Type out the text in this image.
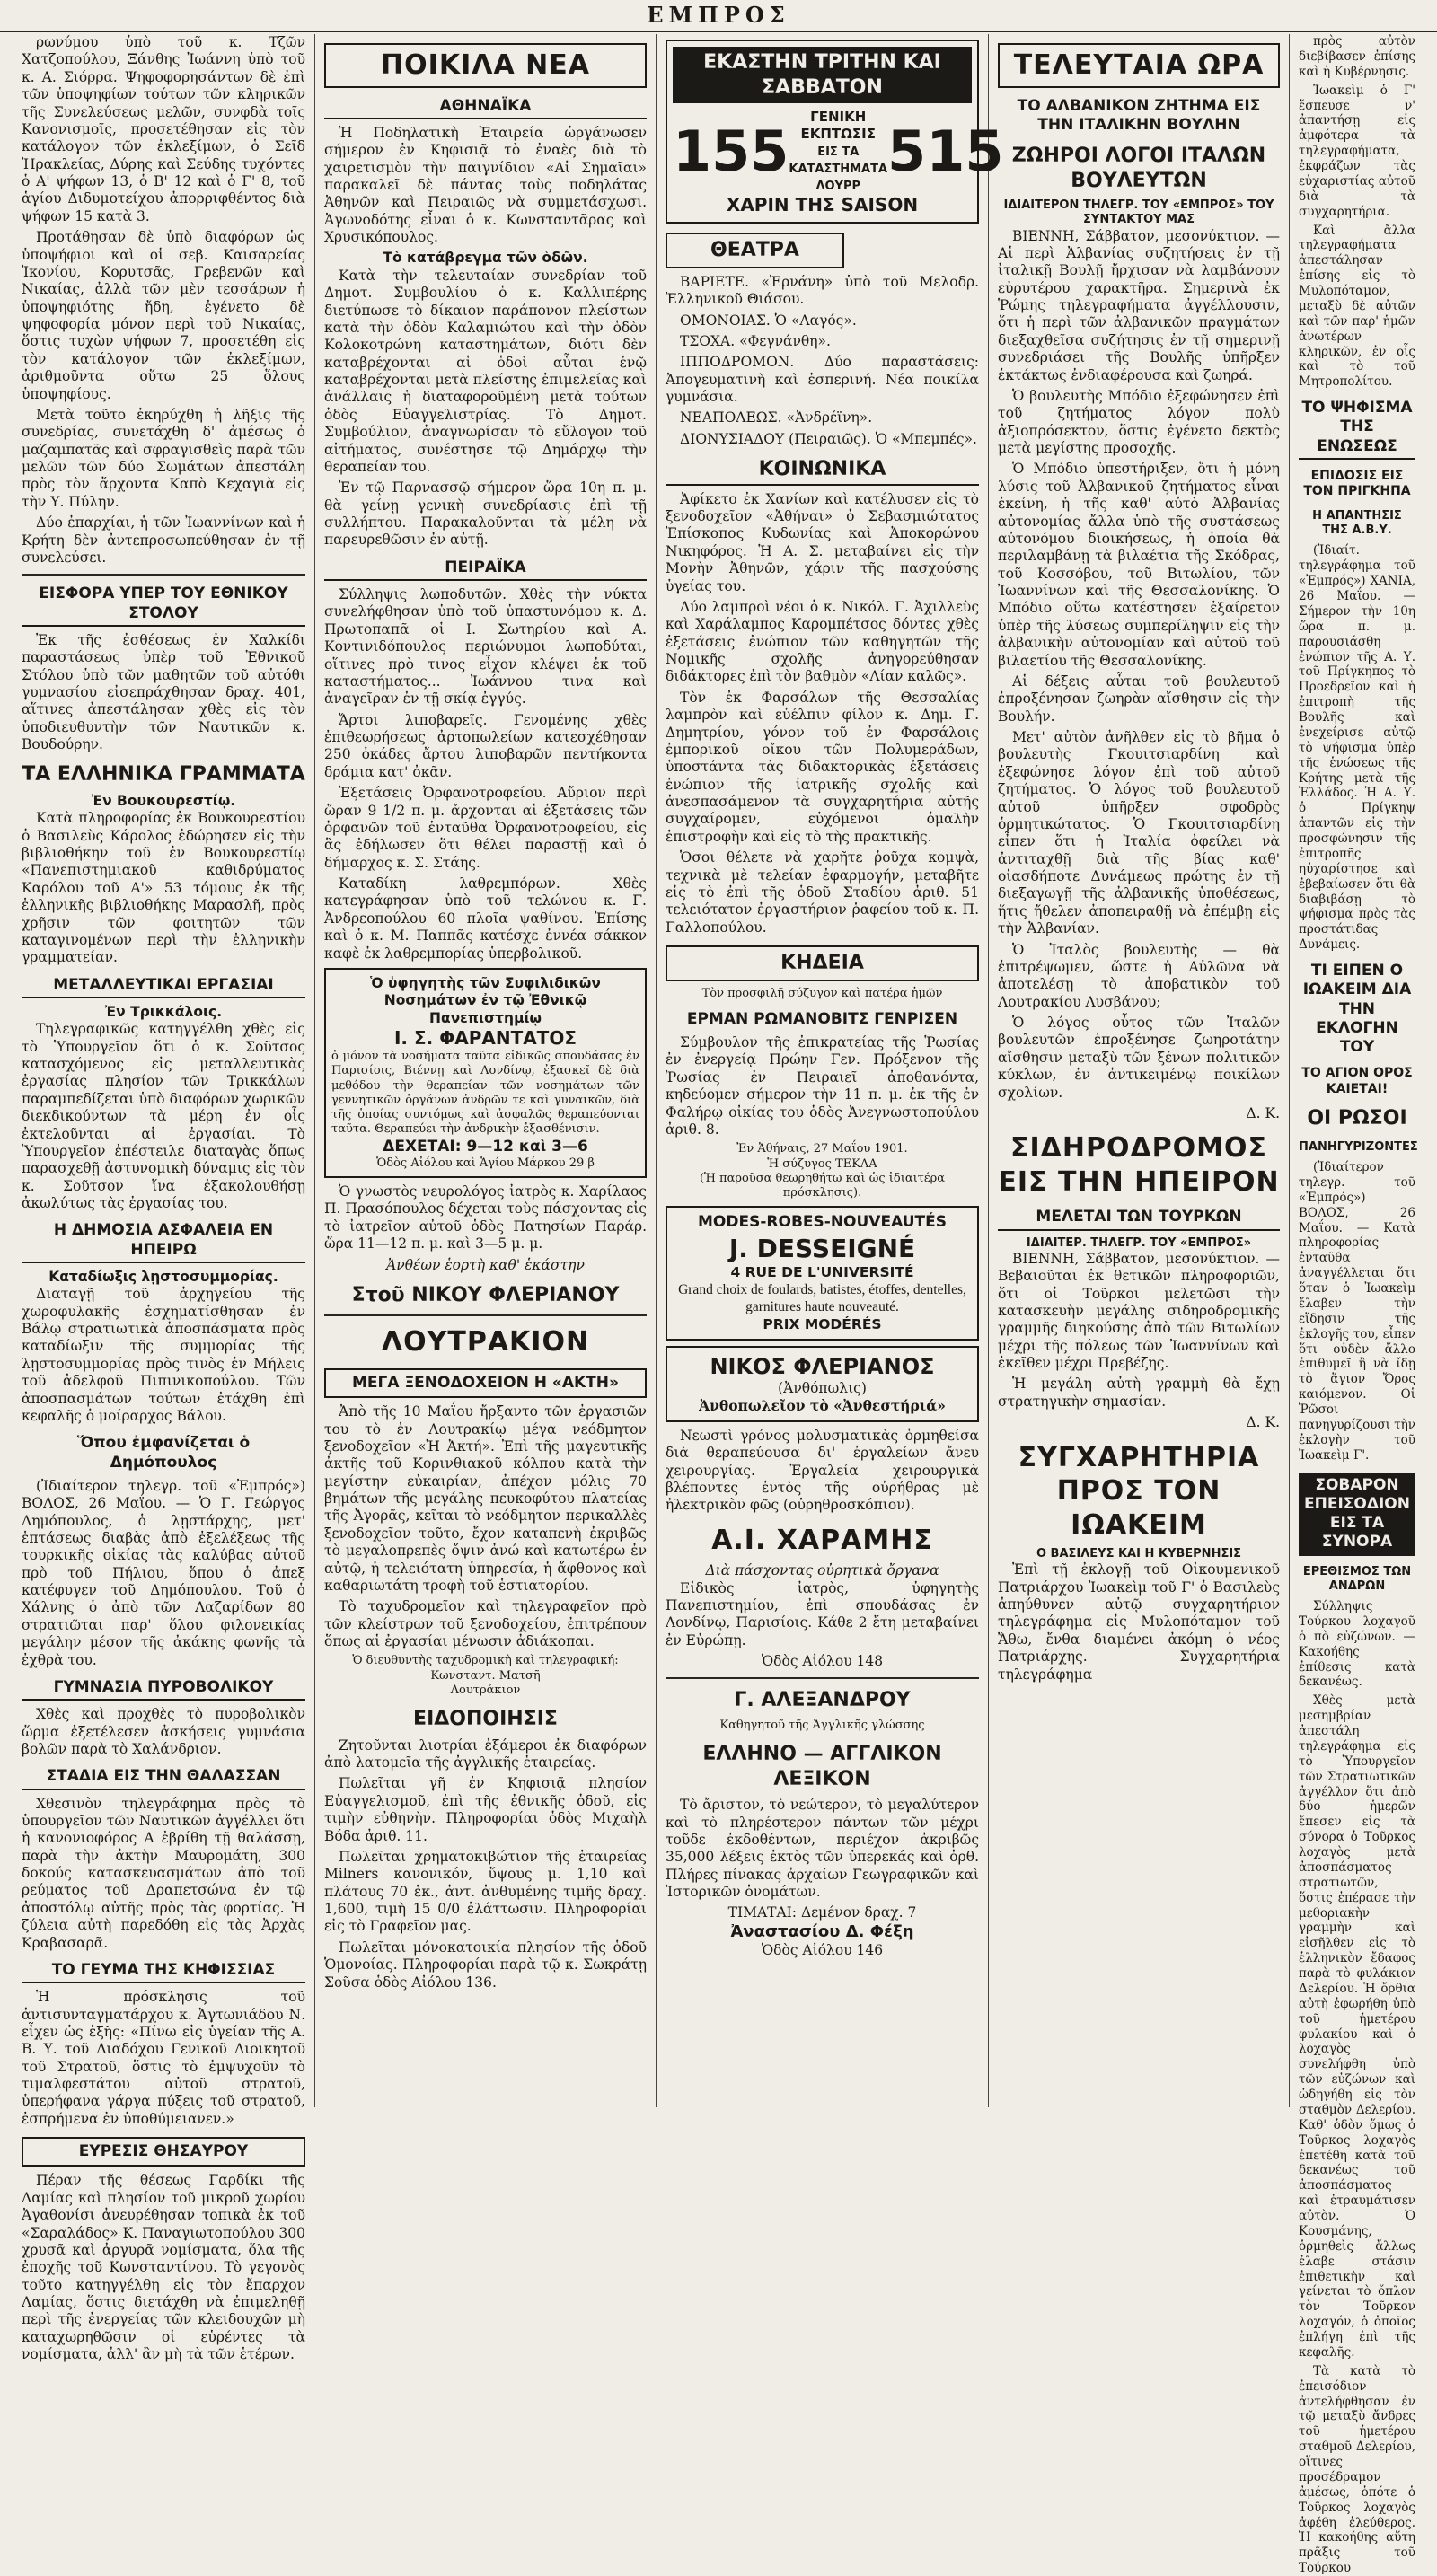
ΕΜΠΡΟΣ

ρωνύμου ὑπὸ τοῦ κ. Τζῶν Χατζοπούλου, Ξάνθης Ἰωάννη ὑπὸ τοῦ κ. Α. Σιόρρα. Ψηφοφορησάντων δὲ ἐπὶ τῶν ὑποψηφίων τούτων τῶν κληρικῶν τῆς Συνελεύσεως μελῶν, συνφδὰ τοῖς Κανονισμοῖς, προσετέθησαν εἰς τὸν κατάλογον τῶν ἐκλεξίμων, ὁ Σεῖδ Ἠρακλείας, Δύρης καὶ Σεύδης τυχόντες ὁ Α' ψήφων 13, ὁ Β' 12 καὶ ὁ Γ' 8, τοῦ ἁγίου Διδυμοτείχου ἀπορριφθέντος διὰ ψήφων 15 κατὰ 3.

Προτάθησαν δὲ ὑπὸ διαφόρων ὡς ὑποψήφιοι καὶ οἱ σεβ. Καισαρείας Ἰκονίου, Κορυτσᾶς, Γρεβενῶν καὶ Νικαίας, ἀλλὰ τῶν μὲν τεσσάρων ἡ ὑποψηφιότης ἤδη, ἐγένετο δὲ ψηφοφορία μόνον περὶ τοῦ Νικαίας, ὅστις τυχὼν ψήφων 7, προσετέθη εἰς τὸν κατάλογον τῶν ἐκλεξίμων, ἀριθμοῦντα οὕτω 25 ὅλους ὑποψηφίους.

Μετὰ τοῦτο ἐκηρύχθη ἡ λῆξις τῆς συνεδρίας, συνετάχθη δ' ἀμέσως ὁ μαζαμπατᾶς καὶ σφραγισθεὶς παρὰ τῶν μελῶν τῶν δύο Σωμάτων ἀπεστάλη πρὸς τὸν ἄρχοντα Καπὸ Κεχαγιὰ εἰς τὴν Υ. Πύλην.

Δύο ἐπαρχίαι, ἡ τῶν Ἰωαννίνων καὶ ἡ Κρήτη δὲν ἀντεπροσωπεύθησαν ἐν τῇ συνελεύσει.

ΕΙΣΦΟΡΑ ΥΠΕΡ ΤΟΥ ΕΘΝΙΚΟΥ ΣΤΟΛΟΥ

Ἐκ τῆς ἐσθέσεως ἐν Χαλκίδι παραστάσεως ὑπὲρ τοῦ Ἐθνικοῦ Στόλου ὑπὸ τῶν μαθητῶν τοῦ αὐτόθι γυμνασίου εἰσεπράχθησαν δραχ. 401, αἵτινες ἀπεστάλησαν χθὲς εἰς τὸν ὑποδιευθυντὴν τῶν Ναυτικῶν κ. Βουδούρην.

ΤΑ ΕΛΛΗΝΙΚΑ ΓΡΑΜΜΑΤΑ
Ἐν Βουκουρεστίῳ.

Κατὰ πληροφορίας ἐκ Βουκουρεστίου ὁ Βασιλεὺς Κάρολος ἐδώρησεν εἰς τὴν βιβλιοθήκην τοῦ ἐν Βουκουρεστίῳ «Πανεπιστημιακοῦ καθιδρύματος Καρόλου τοῦ Α'» 53 τόμους ἐκ τῆς ἑλληνικῆς βιβλιοθήκης Μαρασλῆ, πρὸς χρῆσιν τῶν φοιτητῶν τῶν καταγινομένων περὶ τὴν ἑλληνικὴν γραμματείαν.

ΜΕΤΑΛΛΕΥΤΙΚΑΙ ΕΡΓΑΣΙΑΙ
Ἐν Τρικκάλοις.

Τηλεγραφικῶς κατηγγέλθη χθὲς εἰς τὸ Ὑπουργεῖον ὅτι ὁ κ. Σοῦτσος κατασχόμενος εἰς μεταλλευτικὰς ἐργασίας πλησίον τῶν Τρικκάλων παραμπεδίζεται ὑπὸ διαφόρων χωρικῶν διεκδικούντων τὰ μέρη ἐν οἷς ἐκτελοῦνται αἱ ἐργασίαι. Τὸ Ὑπουργεῖον ἐπέστειλε διαταγὰς ὅπως παρασχεθῇ ἀστυνομικὴ δύναμις εἰς τὸν κ. Σοῦτσον ἵνα ἐξακολουθήσῃ ἀκωλύτως τὰς ἐργασίας του.

Η ΔΗΜΟΣΙΑ ΑΣΦΑΛΕΙΑ ΕΝ ΗΠΕΙΡΩ
Καταδίωξις λῃστοσυμμορίας.

Διαταγῇ τοῦ ἀρχηγείου τῆς χωροφυλακῆς ἐσχηματίσθησαν ἐν Βάλῳ στρατιωτικὰ ἀποσπάσματα πρὸς καταδίωξιν τῆς συμμορίας τῆς λῃστοσυμμορίας πρὸς τινὸς ἐν Μήλεις τοῦ ἀδελφοῦ Πιπινικοπούλου. Τῶν ἀποσπασμάτων τούτων ἐτάχθη ἐπὶ κεφαλῆς ὁ μοίραρχος Βάλου.

Ὅπου ἐμφανίζεται ὁ Δημόπουλος

(Ἰδιαίτερον τηλεγρ. τοῦ «Ἐμπρός») ΒΟΛΟΣ, 26 Μαΐου. — Ὁ Γ. Γεώργος Δημόπουλος, ὁ λῃστάρχης, μετ' ἑπτάσεως διαβὰς ἀπὸ ἐξελέξεως τῆς τουρκικῆς οἰκίας τὰς καλύβας αὐτοῦ πρὸ τοῦ Πήλιου, ὅπου ὁ ἀπεξ κατέφυγεν τοῦ Δημόπουλου. Τοῦ ὁ Χάλνης ὁ ἀπὸ τῶν Λαζαρίδων 80 στρατιῶται παρ' ὅλου φιλονεικίας μεγάλην μέσον τῆς ἀκάκης φωνῆς τὰ ἐχθρὰ του.

ΓΥΜΝΑΣΙΑ ΠΥΡΟΒΟΛΙΚΟΥ

Χθὲς καὶ προχθὲς τὸ πυροβολικὸν ὥρμα ἐξετέλεσεν ἀσκήσεις γυμνάσια βολῶν παρὰ τὸ Χαλάνδριον.

ΣΤΑΔΙΑ ΕΙΣ ΤΗΝ ΘΑΛΑΣΣΑΝ

Χθεσινὸν τηλεγράφημα πρὸς τὸ ὑπουργεῖον τῶν Ναυτικῶν ἀγγέλλει ὅτι ἡ κανονιοφόρος Α ἐβρίθη τῇ θαλάσσῃ, παρὰ τὴν ἀκτὴν Μαυρομάτη, 300 δοκούς κατασκευασμάτων ἀπὸ τοῦ ρεύματος τοῦ Δραπετσώνα ἐν τῷ ἀποστόλῳ αὐτῆς πρὸς τὰς φορτίας. Ἡ ζύλεια αὐτὴ παρεδόθη εἰς τὰς Ἀρχὰς Κραβασαρᾶ.

ΤΟ ΓΕΥΜΑ ΤΗΣ ΚΗΦΙΣΣΙΑΣ

Ἡ πρόσκλησις τοῦ ἀντισυνταγματάρχου κ. Ἀγτωνιάδου Ν. εἶχεν ὡς ἑξῆς: «Πίνω εἰς ὑγείαν τῆς Α. Β. Υ. τοῦ Διαδόχου Γενικοῦ Διοικητοῦ τοῦ Στρατοῦ, ὅστις τὸ ἐμψυχοῦν τὸ τιμαλφεστάτου αὐτοῦ στρατοῦ, ὑπερήφανα γάργα πύξεις τοῦ στρατοῦ, ἐσπρήμενα ἐν ὑποθύμειανεν.»

ΕΥΡΕΣΙΣ ΘΗΣΑΥΡΟΥ

Πέραν τῆς θέσεως Γαρδίκι τῆς Λαμίας καὶ πλησίον τοῦ μικροῦ χωρίου Ἀγαθονίσι ἀνευρέθησαν τοπικὰ ἐκ τοῦ «Σαραλάδος» Κ. Παναγιωτοπούλου 300 χρυσᾶ καὶ ἀργυρᾶ νομίσματα, ὅλα τῆς ἐποχῆς τοῦ Κωνσταντίνου. Τὸ γεγονὸς τοῦτο κατηγγέλθη εἰς τὸν ἔπαρχον Λαμίας, ὅστις διετάχθη νὰ ἐπιμεληθῇ περὶ τῆς ἐνεργείας τῶν κλειδουχῶν μὴ καταχωρηθῶσιν οἱ εὑρέντες τὰ νομίσματα, ἀλλ' ἂν μὴ τὰ τῶν ἑτέρων.

ΠΟΙΚΙΛΑ ΝΕΑ
ΑΘΗΝΑΪΚΑ

Ἡ Ποδηλατικὴ Ἑταιρεία ὡργάνωσεν σήμερον ἐν Κηφισιᾷ τὸ ἐναὲς διὰ τὸ χαιρετισμὸν τὴν παιγνίδιον «Αἱ Σημαῖαι» παρακαλεῖ δὲ πάντας τοὺς ποδηλάτας Ἀθηνῶν καὶ Πειραιῶς νὰ συμμετάσχωσι. Ἀγωνοδότης εἶναι ὁ κ. Κωνσταντᾶρας καὶ Χρυσικόπουλος.

Τὸ κατάβρεγμα τῶν ὁδῶν.

Κατὰ τὴν τελευταίαν συνεδρίαν τοῦ Δημοτ. Συμβουλίου ὁ κ. Καλλιπέρης διετύπωσε τὸ δίκαιον παράπονον πλείστων κατὰ τὴν ὁδὸν Καλαμιώτου καὶ τὴν ὁδὸν Κολοκοτρώνη καταστημάτων, διότι δὲν καταβρέχονται αἱ ὁδοὶ αὗται ἐνῷ καταβρέχονται μετὰ πλείστης ἐπιμελείας καὶ ἀνάλλαις ἡ διαταφοροῦμένη μετὰ τούτων ὁδὸς Εὐαγγελιστρίας. Τὸ Δημοτ. Συμβούλιον, ἀναγνωρίσαν τὸ εὔλογον τοῦ αἰτήματος, συνέστησε τῷ Δημάρχῳ τὴν θεραπείαν του.

Ἐν τῷ Παρνασσῷ σήμερον ὥρα 10η π. μ. θὰ γείνῃ γενικὴ συνεδρίασις ἐπὶ τῇ συλλήπτου. Παρακαλοῦνται τὰ μέλη νὰ παρευρεθῶσιν ἐν αὐτῇ.

ΠΕΙΡΑΪΚΑ

Σύλληψις λωποδυτῶν. Χθὲς τὴν νύκτα συνελήφθησαν ὑπὸ τοῦ ὑπαστυνόμου κ. Δ. Πρωτοπαπᾶ οἱ Ι. Σωτηρίου καὶ Α. Κοντινιδόπουλος περιώνυμοι λωποδύται, οἵτινες πρὸ τινος εἶχον κλέψει ἐκ τοῦ καταστήματος... Ἰωάννου τινα καὶ ἀναγεῖραν ἐν τῇ σκίᾳ ἐγγύς.

Ἄρτοι λιποβαρεῖς. Γενομένης χθὲς ἐπιθεωρήσεως ἀρτοπωλείων κατεσχέθησαν 250 ὀκάδες ἄρτου λιποβαρῶν πεντήκοντα δράμια κατ' ὀκᾶν.

Ἐξετάσεις Ὀρφανοτροφείου. Αὔριον περὶ ὥραν 9 1/2 π. μ. ἄρχονται αἱ ἐξετάσεις τῶν ὀρφανῶν τοῦ ἐνταῦθα Ὀρφανοτροφείου, εἰς ἃς ἐδήλωσεν ὅτι θέλει παραστῇ καὶ ὁ δήμαρχος κ. Σ. Στάης.

Καταδίκη λαθρεμπόρων. Χθὲς κατεγράφησαν ὑπὸ τοῦ τελώνου κ. Γ. Ἀνδρεοπούλου 60 πλοῖα ψαθίνου. Ἐπίσης καὶ ὁ κ. Μ. Παππᾶς κατέσχε ἐννέα σάκκον καφὲ ἐκ λαθρεμπορίας ὑπερβολικοῦ.

Ὁ ὑφηγητὴς τῶν Συφιλιδικῶν Νοσημάτων ἐν τῷ Ἐθνικῷ Πανεπιστημίῳ
Ι. Σ. ΦΑΡΑΝΤΑΤΟΣ
ὁ μόνον τὰ νοσήματα ταῦτα εἰδικῶς σπουδάσας ἐν Παρισίοις, Βιέννῃ καὶ Λονδίνῳ, ἐξασκεῖ δὲ διὰ μεθόδου τὴν θεραπείαν τῶν νοσημάτων τῶν γεννητικῶν ὀργάνων ἀνδρῶν τε καὶ γυναικῶν, διὰ τῆς ὁποίας συντόμως καὶ ἀσφαλῶς θεραπεύονται ταῦτα. Θεραπεύει τὴν ἀνδρικὴν ἐξασθένισιν.
ΔΕΧΕΤΑΙ: 9—12 καὶ 3—6
Ὁδὸς Αἰόλου καὶ Ἁγίου Μάρκου 29 β

Ὁ γνωστὸς νευρολόγος ἰατρὸς κ. Χαρίλαος Π. Πρασόπουλος δέχεται τοὺς πάσχοντας εἰς τὸ ἰατρεῖον αὐτοῦ ὁδὸς Πατησίων Παράρ. ὥρα 11—12 π. μ. καὶ 3—5 μ. μ.

Ἀνθέων ἑορτὴ καθ' ἑκάστην
Στοῦ ΝΙΚΟΥ ΦΛΕΡΙΑΝΟΥ
ΛΟΥΤΡΑΚΙΟΝ
ΜΕΓΑ ΞΕΝΟΔΟΧΕΙΟΝ Η «ΑΚΤΗ»

Ἀπὸ τῆς 10 Μαΐου ἤρξαντο τῶν ἐργασιῶν του τὸ ἐν Λουτρακίῳ μέγα νεόδμητον ξενοδοχεῖον «Ἡ Ἀκτή». Ἐπὶ τῆς μαγευτικῆς ἀκτῆς τοῦ Κορινθιακοῦ κόλπου κατὰ τὴν μεγίστην εὐκαιρίαν, ἀπέχον μόλις 70 βημάτων τῆς μεγάλης πευκοφύτου πλατείας τῆς Ἀγορᾶς, κεῖται τὸ νεόδμητον περικαλλὲς ξενοδοχεῖον τοῦτο, ἔχον καταπενὴ ἐκριβῶς τὸ μεγαλοπρεπὲς ὄψιν ἀνώ καὶ κατωτέρω ἐν αὐτῷ, ἡ τελειότατη ὑπηρεσία, ἡ ἄφθονος καὶ καθαριωτάτη τροφὴ τοῦ ἑστιατορίου.

Τὸ ταχυδρομεῖον καὶ τηλεγραφεῖον πρὸ τῶν κλείστρων τοῦ ξενοδοχείου, ἐπιτρέπουν ὅπως αἱ ἐργασίαι μένωσιν ἀδιάκοπαι.

Ὁ διευθυντὴς ταχυδρομικὴ καὶ τηλεγραφική: Κωνσταντ. Ματσῆ
Λουτράκιον
ΕΙΔΟΠΟΙΗΣΙΣ

Ζητοῦνται λιοτρίαι ἐξάμεροι ἐκ διαφόρων ἀπὸ λατομεῖα τῆς ἀγγλικῆς ἑταιρείας.

Πωλεῖται γῆ ἐν Κηφισιᾷ πλησίον Εὐαγγελισμοῦ, ἐπὶ τῆς ἐθνικῆς ὁδοῦ, εἰς τιμὴν εὐθηνὴν. Πληροφορίαι ὁδὸς Μιχαὴλ Βόδα ἀριθ. 11.

Πωλεῖται χρηματοκιβώτιον τῆς ἑταιρείας Milners κανονικόν, ὕψους μ. 1,10 καὶ πλάτους 70 ἑκ., ἀντ. ἀνθυμένης τιμῆς δραχ. 1,600, τιμὴ 15 0/0 ἐλάττωσιν. Πληροφορίαι εἰς τὸ Γραφεῖον μας.

Πωλεῖται μόνοκατοικία πλησίον τῆς ὁδοῦ Ὁμονοίας. Πληροφορίαι παρὰ τῷ κ. Σωκράτῃ Σοῦσα ὁδὸς Αἰόλου 136.

ΕΚΑΣΤΗΝ ΤΡΙΤΗΝ ΚΑΙ ΣΑΒΒΑΤΟΝ
15 5
ΓΕΝΙΚΗ ΕΚΠΤΩΣΙΣ
ΕΙΣ ΤΑ ΚΑΤΑΣΤΗΜΑΤΑ ΛΟΥΡΡ
5 15
ΧΑΡΙΝ ΤΗΣ SAISON
ΘΕΑΤΡΑ

ΒΑΡΙΕΤΕ. «Ἐρνάνη» ὑπὸ τοῦ Μελοδρ. Ἑλληνικοῦ Θιάσου.

ΟΜΟΝΟΙΑΣ. Ὁ «Λαγός».

ΤΣΟΧΑ. «Φεγνάνθη».

ΙΠΠΟΔΡΟΜΟΝ. Δύο παραστάσεις: Ἀπογευματινὴ καὶ ἑσπερινή. Νέα ποικίλα γυμνάσια.

ΝΕΑΠΟΛΕΩΣ. «Ἀνδρέϊνη».

ΔΙΟΝΥΣΙΑΔΟΥ (Πειραιῶς). Ὁ «Μπεμπές».

ΚΟΙΝΩΝΙΚΑ

Ἀφίκετο ἐκ Χανίων καὶ κατέλυσεν εἰς τὸ ξενοδοχεῖον «Ἀθήναι» ὁ Σεβασμιώτατος Ἐπίσκοπος Κυδωνίας καὶ Ἀποκορώνου Νικηφόρος. Ἡ Α. Σ. μεταβαίνει εἰς τὴν Μονὴν Ἀθηνῶν, χάριν τῆς πασχούσης ὑγείας του.

Δύο λαμπροὶ νέοι ὁ κ. Νικόλ. Γ. Ἀχιλλεὺς καὶ Χαράλαμπος Καρομπέτσος δόντες χθὲς ἐξετάσεις ἐνώπιον τῶν καθηγητῶν τῆς Νομικῆς σχολῆς ἀνηγορεύθησαν διδάκτορες ἐπὶ τὸν βαθμὸν «Λίαν καλῶς».

Τὸν ἐκ Φαρσάλων τῆς Θεσσαλίας λαμπρὸν καὶ εὐέλπιν φίλον κ. Δημ. Γ. Δημητρίου, γόνον τοῦ ἐν Φαρσάλοις ἐμπορικοῦ οἴκου τῶν Πολυμεράδων, ὑποστάντα τὰς διδακτορικὰς ἐξετάσεις ἐνώπιον τῆς ἰατρικῆς σχολῆς καὶ ἀνεσπασάμενον τὰ συγχαρητήρια αὐτῆς συγχαίρομεν, εὐχόμενοι ὁμαλὴν ἐπιστροφὴν καὶ εἰς τὸ τὴς πρακτικῆς.

Ὁσοι θέλετε νὰ χαρῆτε ῥοῦχα κομψὰ, τεχνικὰ μὲ τελείαν ἐφαρμογήν, μεταβῆτε εἰς τὸ ἐπὶ τῆς ὁδοῦ Σταδίου ἀριθ. 51 τελειότατον ἐργαστήριον ῥαφείου τοῦ κ. Π. Γαλλοπούλου.

ΚΗΔΕΙΑ
Τὸν προσφιλῆ σύζυγον καὶ πατέρα ἡμῶν
ΕΡΜΑΝ ΡΩΜΑΝΟΒΙΤΣ ΓΕΝΡΙΣΕΝ

Σύμβουλον τῆς ἐπικρατείας τῆς Ῥωσίας ἐν ἐνεργείᾳ Πρώην Γεν. Πρόξενον τῆς Ῥωσίας ἐν Πειραιεῖ ἀποθανόντα, κηδεύομεν σήμερον τὴν 11 π. μ. ἐκ τῆς ἐν Φαλήρῳ οἰκίας του ὁδὸς Ἀνεγνωστοπούλου ἀριθ. 8.

Ἐν Ἀθήναις, 27 Μαΐου 1901.
Ἡ σύζυγος ΤΕΚΛΑ
(Ἡ παροῦσα θεωρηθήτω καὶ ὡς ἰδιαιτέρα πρόσκλησις).
MODES-ROBES-NOUVEAUTÉS
J. DESSEIGNÉ
4 RUE DE L'UNIVERSITÉ
Grand choix de foulards, batistes, étoffes, dentelles, garnitures haute nouveauté.
PRIX MODÉRÉS
ΝΙΚΟΣ ΦΛΕΡΙΑΝΟΣ
(Ἀνθόπωλις)
Ἀνθοπωλεῖον τὸ «Ἀνθεστήριά»

Νεωστὶ γρόνος μολυσματικὰς ὁρμηθείσα διὰ θεραπεύουσα δι' ἐργαλείων ἄνευ χειρουργίας. Ἐργαλεία χειρουργικὰ βλέποντες ἐντὸς τῆς οὐρήθρας μὲ ἠλεκτρικὸν φῶς (οὐρηθροσκόπιον).

Α.Ι. ΧΑΡΑΜΗΣ
Διὰ πάσχοντας οὐρητικὰ ὄργανα

Εἰδικὸς ἰατρὸς, ὑφηγητὴς Πανεπιστημίου, ἐπὶ σπουδάσας ἐν Λονδίνῳ, Παρισίοις. Κάθε 2 ἔτη μεταβαίνει ἐν Εὐρώπῃ.

Ὁδὸς Αἰόλου 148
Γ. ΑΛΕΞΑΝΔΡΟΥ
Καθηγητοῦ τῆς Ἀγγλικῆς γλώσσης
ΕΛΛΗΝΟ — ΑΓΓΛΙΚΟΝ ΛΕΞΙΚΟΝ

Τὸ ἄριστον, τὸ νεώτερον, τὸ μεγαλύτερον καὶ τὸ πληρέστερον πάντων τῶν μέχρι τοῦδε ἐκδοθέντων, περιέχον ἀκριβῶς 35,000 λέξεις ἐκτὸς τῶν ὑπερεκάς καὶ ὀρθ. Πλήρες πίνακας ἀρχαίων Γεωγραφικῶν καὶ Ἰστορικῶν ὀνομάτων.

ΤΙΜΑΤΑΙ: Δεμένον δραχ. 7
Ἀναστασίου Δ. Φέξη
Ὁδὸς Αἰόλου 146
ΤΕΛΕΥΤΑΙΑ ΩΡΑ
ΤΟ ΑΛΒΑΝΙΚΟΝ ΖΗΤΗΜΑ ΕΙΣ ΤΗΝ ΙΤΑΛΙΚΗΝ ΒΟΥΛΗΝ
ΖΩΗΡΟΙ ΛΟΓΟΙ ΙΤΑΛΩΝ ΒΟΥΛΕΥΤΩΝ
ΙΔΙΑΙΤΕΡΟΝ ΤΗΛΕΓΡ. ΤΟΥ «ΕΜΠΡΟΣ» ΤΟΥ ΣΥΝΤΑΚΤΟΥ ΜΑΣ

ΒΙΕΝΝΗ, Σάββατον, μεσονύκτιον. — Αἱ περὶ Ἀλβανίας συζητήσεις ἐν τῇ ἰταλικῇ Βουλῇ ἤρχισαν νὰ λαμβάνουν εὐρυτέρου χαρακτῆρα. Σημερινὰ ἐκ Ῥώμης τηλεγραφήματα ἀγγέλλουσιν, ὅτι ἡ περὶ τῶν ἀλβανικῶν πραγμάτων διεξαχθεῖσα συζήτησις ἐν τῇ σημερινῇ συνεδριάσει τῆς Βουλῆς ὑπῆρξεν ἐκτάκτως ἐνδιαφέρουσα καὶ ζωηρά.

Ὁ βουλευτὴς Μπόδιο ἐξεφώνησεν ἐπὶ τοῦ ζητήματος λόγον πολὺ ἀξιοπρόσεκτον, ὅστις ἐγένετο δεκτὸς μετὰ μεγίστης προσοχῆς.

Ὁ Μπόδιο ὑπεστήριξεν, ὅτι ἡ μόνη λύσις τοῦ Ἀλβανικοῦ ζητήματος εἶναι ἐκείνη, ἡ τῆς καθ' αὐτὸ Ἀλβανίας αὐτονομίας ἄλλα ὑπὸ τῆς συστάσεως αὐτονόμου διοικήσεως, ἡ ὁποία θὰ περιλαμβάνῃ τὰ βιλαέτια τῆς Σκόδρας, τοῦ Κοσσόβου, τοῦ Βιτωλίου, τῶν Ἰωαννίνων καὶ τῆς Θεσσαλονίκης. Ὁ Μπόδιο οὕτω κατέστησεν ἐξαίρετον ὑπὲρ τῆς λύσεως συμπερίληψιν εἰς τὴν ἀλβανικὴν αὐτονομίαν καὶ αὐτοῦ τοῦ βιλαετίου τῆς Θεσσαλονίκης.

Αἱ δέξεις αὗται τοῦ βουλευτοῦ ἐπροξένησαν ζωηρὰν αἴσθησιν εἰς τὴν Βουλήν.

Μετ' αὐτὸν ἀνῆλθεν εἰς τὸ βῆμα ὁ βουλευτὴς Γκουιτσιαρδίνη καὶ ἐξεφώνησε λόγον ἐπὶ τοῦ αὐτοῦ ζητήματος. Ὁ λόγος τοῦ βουλευτοῦ αὐτοῦ ὑπῆρξεν σφοδρὸς ὁρμητικώτατος. Ὁ Γκουιτσιαρδίνη εἶπεν ὅτι ἡ Ἰταλία ὀφείλει νὰ ἀντιταχθῇ διὰ τῆς βίας καθ' οἱασδήποτε Δυνάμεως πρώτης ἐν τῇ διεξαγωγῇ τῆς ἀλβανικῆς ὑποθέσεως, ἥτις ἤθελεν ἀποπειραθῇ νὰ ἐπέμβῃ εἰς τὴν Ἀλβανίαν.

Ὁ Ἰταλὸς βουλευτὴς — θὰ ἐπιτρέψωμεν, ὥστε ἡ Αὐλῶνα νὰ ἀποτελέσῃ τὸ ἀποβατικὸν τοῦ Λουτρακίου Λυσβάνου;

Ὁ λόγος οὗτος τῶν Ἰταλῶν βουλευτῶν ἐπροξένησε ζωηροτάτην αἴσθησιν μεταξὺ τῶν ξένων πολιτικῶν κύκλων, ἐν ἀντικειμένῳ ποικίλων σχολίων.

Δ. Κ.
ΣΙΔΗΡΟΔΡΟΜΟΣ ΕΙΣ ΤΗΝ ΗΠΕΙΡΟΝ
ΜΕΛΕΤΑΙ ΤΩΝ ΤΟΥΡΚΩΝ
ΙΔΙΑΙΤΕΡ. ΤΗΛΕΓΡ. ΤΟΥ «ΕΜΠΡΟΣ»

ΒΙΕΝΝΗ, Σάββατον, μεσονύκτιον. — Βεβαιοῦται ἐκ θετικῶν πληροφοριῶν, ὅτι οἱ Τοῦρκοι μελετῶσι τὴν κατασκευὴν μεγάλης σιδηροδρομικῆς γραμμῆς διηκούσης ἀπὸ τῶν Βιτωλίων μέχρι τῆς πόλεως τῶν Ἰωαννίνων καὶ ἐκεῖθεν μέχρι Πρεβέζης.

Ἡ μεγάλη αὐτὴ γραμμὴ θὰ ἔχῃ στρατηγικὴν σημασίαν.

Δ. Κ.
ΣΥΓΧΑΡΗΤΗΡΙΑ ΠΡΟΣ ΤΟΝ ΙΩΑΚΕΙΜ
Ο ΒΑΣΙΛΕΥΣ ΚΑΙ Η ΚΥΒΕΡΝΗΣΙΣ

Ἐπὶ τῇ ἐκλογῇ τοῦ Οἰκουμενικοῦ Πατριάρχου Ἰωακεὶμ τοῦ Γ' ὁ Βασιλεὺς ἀπηύθυνεν αὐτῷ συγχαρητήριον τηλεγράφημα εἰς Μυλοπόταμον τοῦ Ἄθω, ἔνθα διαμένει ἀκόμη ὁ νέος Πατριάρχης. Συγχαρητήρια τηλεγράφημα

πρὸς αὐτὸν διεβίβασεν ἐπίσης καὶ ἡ Κυβέρνησις.

Ἰωακεὶμ ὁ Γ' ἔσπευσε ν' ἀπαντήσῃ εἰς ἀμφότερα τὰ τηλεγραφήματα, ἐκφράζων τὰς εὐχαριστίας αὐτοῦ διὰ τὰ συγχαρητήρια.

Καὶ ἄλλα τηλεγραφήματα ἀπεστάλησαν ἐπίσης εἰς τὸ Μυλοπόταμον, μεταξὺ δὲ αὐτῶν καὶ τῶν παρ' ἡμῶν ἀνωτέρων κληρικῶν, ἐν οἷς καὶ τὸ τοῦ Μητροπολίτου.

ΤΟ ΨΗΦΙΣΜΑ ΤΗΣ ΕΝΩΣΕΩΣ
ΕΠΙΔΟΣΙΣ ΕΙΣ ΤΟΝ ΠΡΙΓΚΗΠΑ
Η ΑΠΑΝΤΗΣΙΣ ΤΗΣ Α.Β.Υ.

(Ἰδιαίτ. τηλεγράφημα τοῦ «Ἐμπρός») ΧΑΝΙΑ, 26 Μαΐου. — Σήμερον τὴν 10η ὥρα π. μ. παρουσιάσθη ἐνώπιον τῆς Α. Υ. τοῦ Πρίγκηπος τὸ Προεδρεῖον καὶ ἡ ἐπιτροπὴ τῆς Βουλῆς καὶ ἐνεχείρισε αὐτῷ τὸ ψήφισμα ὑπὲρ τῆς ἑνώσεως τῆς Κρήτης μετὰ τῆς Ἑλλάδος. Ἡ Α. Υ. ὁ Πρίγκηψ ἀπαντῶν εἰς τὴν προσφώνησιν τῆς ἐπιτροπῆς ηὐχαρίστησε καὶ ἐβεβαίωσεν ὅτι θὰ διαβιβάσῃ τὸ ψήφισμα πρὸς τὰς προστάτιδας Δυνάμεις.

ΤΙ ΕΙΠΕΝ Ο ΙΩΑΚΕΙΜ ΔΙΑ ΤΗΝ ΕΚΛΟΓΗΝ ΤΟΥ
ΤΟ ΑΓΙΟΝ ΟΡΟΣ ΚΑΙΕΤΑΙ!
ΟΙ ΡΩΣΟΙ
ΠΑΝΗΓΥΡΙΖΟΝΤΕΣ

(Ἰδιαίτερον τηλεγρ. τοῦ «Ἐμπρός») ΒΟΛΟΣ, 26 Μαΐου. — Κατὰ πληροφορίας ἐνταῦθα ἀναγγέλλεται ὅτι ὅταν ὁ Ἰωακεὶμ ἔλαβεν τὴν εἴδησιν τῆς ἐκλογῆς του, εἶπεν ὅτι οὐδὲν ἄλλο ἐπιθυμεῖ ἢ νὰ ἴδῃ τὸ ἅγιον Ὄρος καιόμενον. Οἱ Ῥῶσοι πανηγυρίζουσι τὴν ἐκλογὴν τοῦ Ἰωακεὶμ Γ'.

ΣΟΒΑΡΟΝ ΕΠΕΙΣΟΔΙΟΝ ΕΙΣ ΤΑ ΣΥΝΟΡΑ
ΕΡΕΘΙΣΜΟΣ ΤΩΝ ΑΝΔΡΩΝ

Σύλληψις Τούρκου λοχαγοῦ ὁ πὸ εὐζώνων. — Κακοήθης ἐπίθεσις κατὰ δεκανέως.

Χθὲς μετὰ μεσημβρίαν ἀπεστάλη τηλεγράφημα εἰς τὸ Ὑπουργεῖον τῶν Στρατιωτικῶν ἀγγέλλον ὅτι ἀπὸ δύο ἡμερῶν ἔπεσεν εἰς τὰ σύνορα ὁ Τοῦρκος λοχαγὸς μετὰ ἀποσπάσματος στρατιωτῶν, ὅστις ἐπέρασε τὴν μεθοριακὴν γραμμὴν καὶ εἰσῆλθεν εἰς τὸ ἑλληνικὸν ἔδαφος παρὰ τὸ φυλάκιον Δελερίου. Ἡ ὄρθια αὐτὴ ἐφωρήθη ὑπὸ τοῦ ἡμετέρου φυλακίου καὶ ὁ λοχαγὸς συνελήφθη ὑπὸ τῶν εὐζώνων καὶ ὡδηγήθη εἰς τὸν σταθμὸν Δελερίου. Καθ' ὁδὸν ὅμως ὁ Τοῦρκος λοχαγὸς ἐπετέθη κατὰ τοῦ δεκανέως τοῦ ἀποσπάσματος καὶ ἐτραυμάτισεν αὐτὸν. Ὁ Κουσμάνης, ὁρμηθεὶς ἄλλως ἐλαβε στάσιν ἐπιθετικὴν καὶ γείνεται τὸ ὅπλον τὸν Τοῦρκον λοχαγόν, ὁ ὁποῖος ἐπλήγη ἐπὶ τῆς κεφαλῆς.

Τὰ κατὰ τὸ ἐπεισόδιον ἀντελήφθησαν ἐν τῷ μεταξὺ ἄνδρες τοῦ ἡμετέρου σταθμοῦ Δελερίου, οἵτινες προσέδραμον ἀμέσως, ὁπότε ὁ Τοῦρκος λοχαγὸς ἀφέθη ἐλεύθερος. Ἡ κακοήθης αὕτη πρᾶξις τοῦ Τούρκου
